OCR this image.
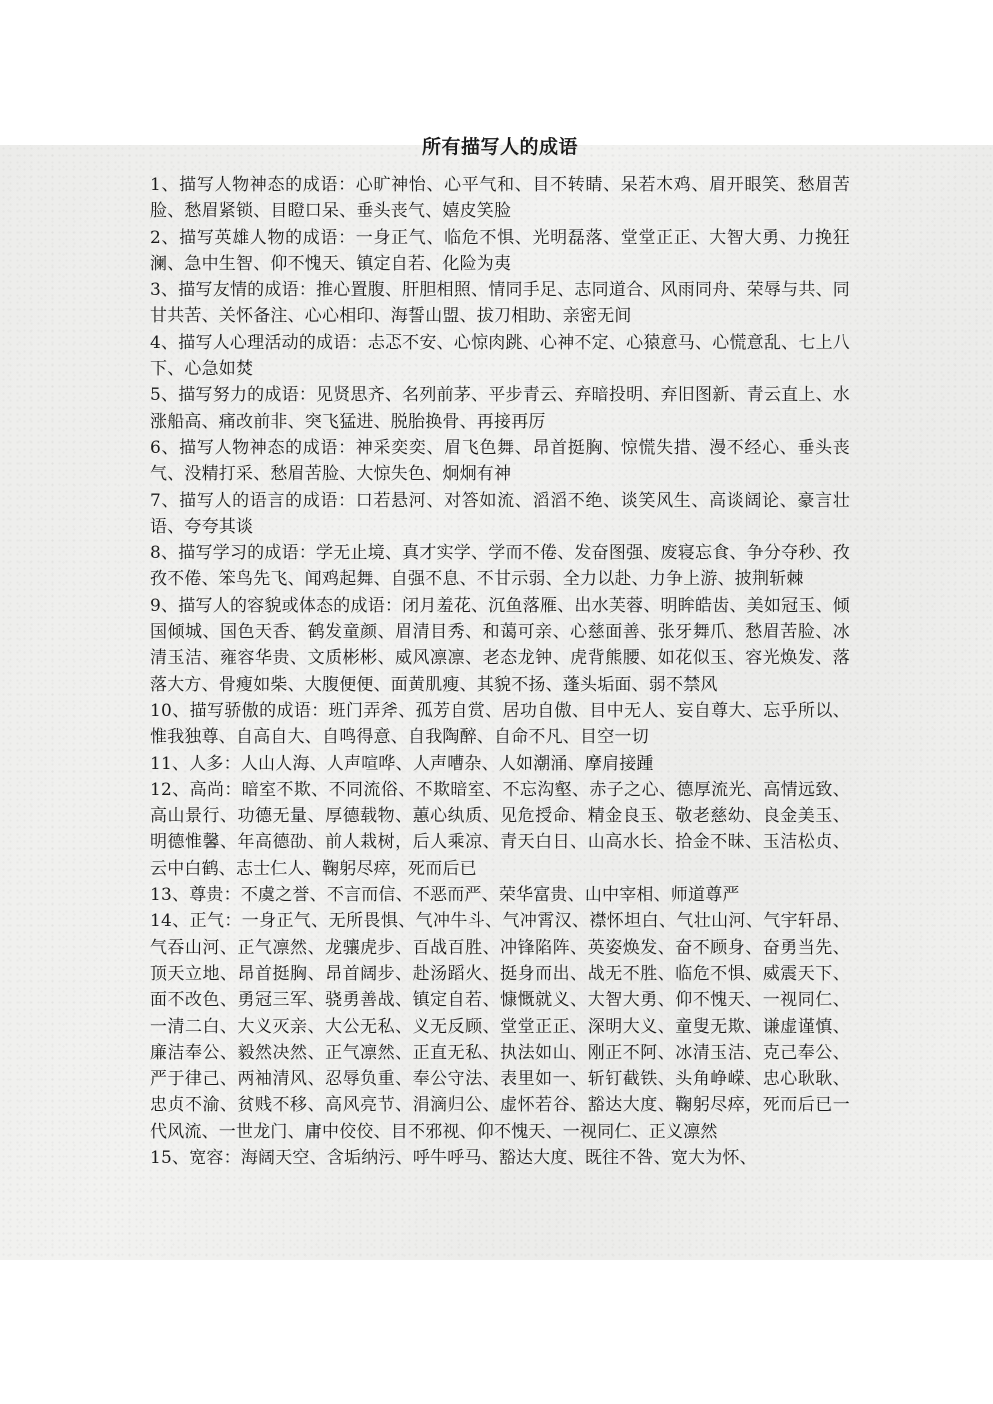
所有描写人的成语

1、描写人物神态的成语：心旷神怡、心平气和、目不转睛、呆若木鸡、眉开眼笑、愁眉苦脸、愁眉紧锁、目瞪口呆、垂头丧气、嬉皮笑脸

2、描写英雄人物的成语：一身正气、临危不惧、光明磊落、堂堂正正、大智大勇、力挽狂澜、急中生智、仰不愧天、镇定自若、化险为夷

3、描写友情的成语：推心置腹、肝胆相照、情同手足、志同道合、风雨同舟、荣辱与共、同甘共苦、关怀备注、心心相印、海誓山盟、拔刀相助、亲密无间

4、描写人心理活动的成语：忐忑不安、心惊肉跳、心神不定、心猿意马、心慌意乱、七上八下、心急如焚

5、描写努力的成语：见贤思齐、名列前茅、平步青云、弃暗投明、弃旧图新、青云直上、水涨船高、痛改前非、突飞猛进、脱胎换骨、再接再厉

6、描写人物神态的成语：神采奕奕、眉飞色舞、昂首挺胸、惊慌失措、漫不经心、垂头丧气、没精打采、愁眉苦脸、大惊失色、炯炯有神

7、描写人的语言的成语：口若悬河、对答如流、滔滔不绝、谈笑风生、高谈阔论、豪言壮语、夸夸其谈

8、描写学习的成语：学无止境、真才实学、学而不倦、发奋图强、废寝忘食、争分夺秒、孜孜不倦、笨鸟先飞、闻鸡起舞、自强不息、不甘示弱、全力以赴、力争上游、披荆斩棘

9、描写人的容貌或体态的成语：闭月羞花、沉鱼落雁、出水芙蓉、明眸皓齿、美如冠玉、倾国倾城、国色天香、鹤发童颜、眉清目秀、和蔼可亲、心慈面善、张牙舞爪、愁眉苦脸、冰清玉洁、雍容华贵、文质彬彬、威风凛凛、老态龙钟、虎背熊腰、如花似玉、容光焕发、落落大方、骨瘦如柴、大腹便便、面黄肌瘦、其貌不扬、蓬头垢面、弱不禁风

10、描写骄傲的成语：班门弄斧、孤芳自赏、居功自傲、目中无人、妄自尊大、忘乎所以、惟我独尊、自高自大、自鸣得意、自我陶醉、自命不凡、目空一切

11、人多：人山人海、人声喧哗、人声嘈杂、人如潮涌、摩肩接踵

12、高尚：暗室不欺、不同流俗、不欺暗室、不忘沟壑、赤子之心、德厚流光、高情远致、高山景行、功德无量、厚德载物、蕙心纨质、见危授命、精金良玉、敬老慈幼、良金美玉、明德惟馨、年高德劭、前人栽树，后人乘凉、青天白日、山高水长、拾金不昧、玉洁松贞、云中白鹤、志士仁人、鞠躬尽瘁，死而后已

13、尊贵：不虞之誉、不言而信、不恶而严、荣华富贵、山中宰相、师道尊严

14、正气：一身正气、无所畏惧、气冲牛斗、气冲霄汉、襟怀坦白、气壮山河、气宇轩昂、气吞山河、正气凛然、龙骧虎步、百战百胜、冲锋陷阵、英姿焕发、奋不顾身、奋勇当先、顶天立地、昂首挺胸、昂首阔步、赴汤蹈火、挺身而出、战无不胜、临危不惧、威震天下、面不改色、勇冠三军、骁勇善战、镇定自若、慷慨就义、大智大勇、仰不愧天、一视同仁、一清二白、大义灭亲、大公无私、义无反顾、堂堂正正、深明大义、童叟无欺、谦虚谨慎、廉洁奉公、毅然决然、正气凛然、正直无私、执法如山、刚正不阿、冰清玉洁、克己奉公、严于律己、两袖清风、忍辱负重、奉公守法、表里如一、斩钉截铁、头角峥嵘、忠心耿耿、忠贞不渝、贫贱不移、高风亮节、涓滴归公、虚怀若谷、豁达大度、鞠躬尽瘁，死而后已一代风流、一世龙门、庸中佼佼、目不邪视、仰不愧天、一视同仁、正义凛然

15、宽容：海阔天空、含垢纳污、呼牛呼马、豁达大度、既往不咎、宽大为怀、
